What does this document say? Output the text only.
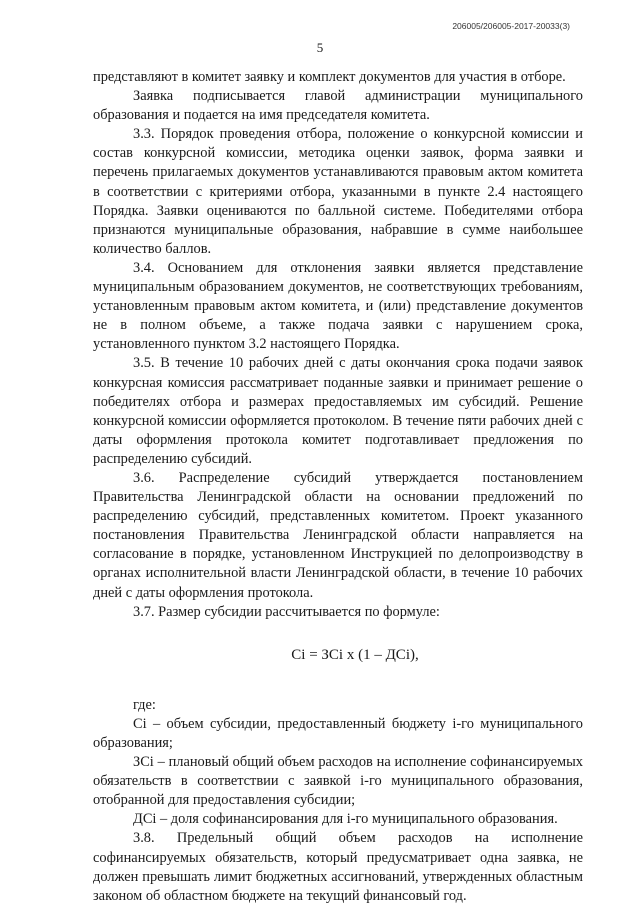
206005/206005-2017-20033(3)
5

представляют в комитет заявку и комплект документов для участия в отборе.

Заявка подписывается главой администрации муниципального образования и подается на имя председателя комитета.

3.3. Порядок проведения отбора, положение о конкурсной комиссии и состав конкурсной комиссии, методика оценки заявок, форма заявки и перечень прилагаемых документов устанавливаются правовым актом комитета в соответствии с критериями отбора, указанными в пункте 2.4 настоящего Порядка. Заявки оцениваются по балльной системе. Победителями отбора признаются муниципальные образования, набравшие в сумме наибольшее количество баллов.

3.4. Основанием для отклонения заявки является представление муниципальным образованием документов, не соответствующих требованиям, установленным правовым актом комитета, и (или) представление документов не в полном объеме, а также подача заявки с нарушением срока, установленного пунктом 3.2 настоящего Порядка.

3.5. В течение 10 рабочих дней с даты окончания срока подачи заявок конкурсная комиссия рассматривает поданные заявки и принимает решение о победителях отбора и размерах предоставляемых им субсидий. Решение конкурсной комиссии оформляется протоколом. В течение пяти рабочих дней с даты оформления протокола комитет подготавливает предложения по распределению субсидий.

3.6. Распределение субсидий утверждается постановлением Правительства Ленинградской области на основании предложений по распределению субсидий, представленных комитетом. Проект указанного постановления Правительства Ленинградской области направляется на согласование в порядке, установленном Инструкцией по делопроизводству в органах исполнительной власти Ленинградской области, в течение 10 рабочих дней с даты оформления протокола.

3.7. Размер субсидии рассчитывается по формуле:

Ci = ЗCi x (1 – ДCi),

где:

Ci – объем субсидии, предоставленный бюджету i-го муниципального образования;

ЗCi – плановый общий объем расходов на исполнение софинансируемых обязательств в соответствии с заявкой i-го муниципального образования, отобранной для предоставления субсидии;

ДCi – доля софинансирования для i-го муниципального образования.

3.8. Предельный общий объем расходов на исполнение софинансируемых обязательств, который предусматривает одна заявка, не должен превышать лимит бюджетных ассигнований, утвержденных областным законом об областном бюджете на текущий финансовый год.
